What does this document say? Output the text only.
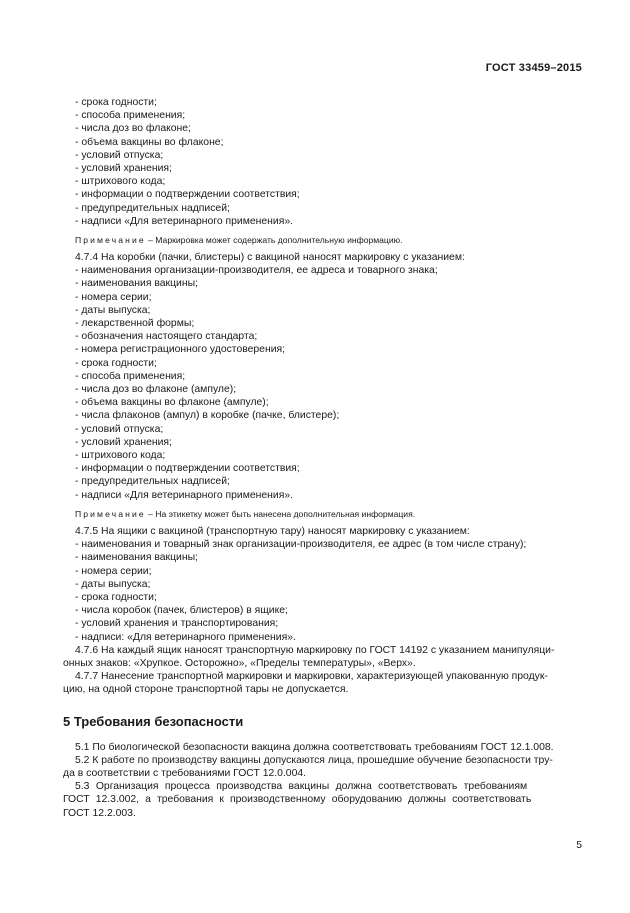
ГОСТ 33459–2015
- срока годности;
- способа применения;
- числа доз во флаконе;
- объема вакцины во флаконе;
- условий отпуска;
- условий хранения;
- штрихового кода;
- информации о подтверждении соответствия;
- предупредительных надписей;
- надписи «Для ветеринарного применения».
Примечание – Маркировка может содержать дополнительную информацию.
4.7.4 На коробки (пачки, блистеры) с вакциной наносят маркировку с указанием:
- наименования организации-производителя, ее адреса и товарного знака;
- наименования вакцины;
- номера серии;
- даты выпуска;
- лекарственной формы;
- обозначения настоящего стандарта;
- номера регистрационного удостоверения;
- срока годности;
- способа применения;
- числа доз во флаконе (ампуле);
- объема вакцины во флаконе (ампуле);
- числа флаконов (ампул) в коробке (пачке, блистере);
- условий отпуска;
- условий хранения;
- штрихового кода;
- информации о подтверждении соответствия;
- предупредительных надписей;
- надписи «Для ветеринарного применения».
Примечание – На этикетку может быть нанесена дополнительная информация.
4.7.5 На ящики с вакциной (транспортную тару) наносят маркировку с указанием:
- наименования и товарный знак организации-производителя, ее адрес (в том числе страну);
- наименования вакцины;
- номера серии;
- даты выпуска;
- срока годности;
- числа коробок (пачек, блистеров) в ящике;
- условий хранения и транспортирования;
- надписи: «Для ветеринарного применения».
4.7.6 На каждый ящик наносят транспортную маркировку по ГОСТ 14192 с указанием манипуляци-
онных знаков: «Хрупкое. Осторожно», «Пределы температуры», «Верх».
4.7.7 Нанесение транспортной маркировки и маркировки, характеризующей упакованную продук-
цию, на одной стороне транспортной тары не допускается.
5 Требования безопасности
5.1 По биологической безопасности вакцина должна соответствовать требованиям ГОСТ 12.1.008.
5.2 К работе по производству вакцины допускаются лица, прошедшие обучение безопасности тру-
да в соответствии с требованиями ГОСТ 12.0.004.
5.3 Организация процесса производства вакцины должна соответствовать требованиям
ГОСТ 12.3.002, а требования к производственному оборудованию должны соответствовать
ГОСТ 12.2.003.
5
